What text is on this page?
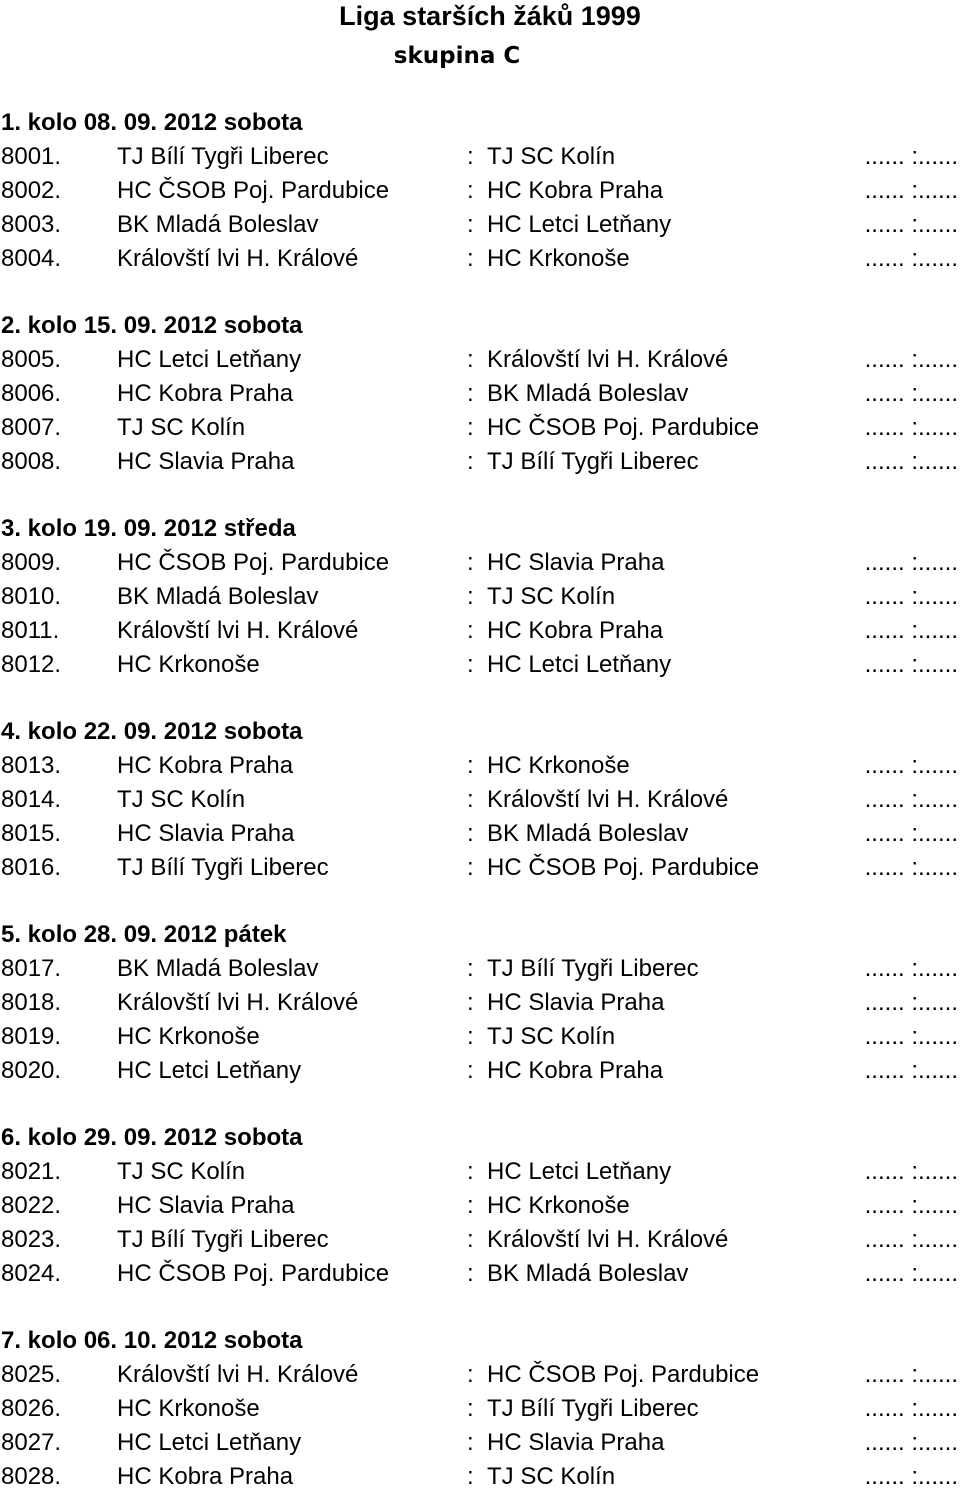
Liga starších žáků 1999
skupina C
1. kolo 08. 09. 2012 sobota
8001. TJ Bílí Tygři Liberec	: TJ SC Kolín	...... :......
8002. HC ČSOB Poj. Pardubice	: HC Kobra Praha	...... :......
8003. BK Mladá Boleslav	: HC Letci Letňany	...... :......
8004. Královští lvi H. Králové	: HC Krkonoše	...... :......
2. kolo 15. 09. 2012 sobota
8005. HC Letci Letňany	: Královští lvi H. Králové	...... :......
8006. HC Kobra Praha	: BK Mladá Boleslav	...... :......
8007. TJ SC Kolín	: HC ČSOB Poj. Pardubice	...... :......
8008. HC Slavia Praha	: TJ Bílí Tygři Liberec	...... :......
3. kolo 19. 09. 2012 středa
8009. HC ČSOB Poj. Pardubice	: HC Slavia Praha	...... :......
8010. BK Mladá Boleslav	: TJ SC Kolín	...... :......
8011. Královští lvi H. Králové	: HC Kobra Praha	...... :......
8012. HC Krkonoše	: HC Letci Letňany	...... :......
4. kolo 22. 09. 2012 sobota
8013. HC Kobra Praha	: HC Krkonoše	...... :......
8014. TJ SC Kolín	: Královští lvi H. Králové	...... :......
8015. HC Slavia Praha	: BK Mladá Boleslav	...... :......
8016. TJ Bílí Tygři Liberec	: HC ČSOB Poj. Pardubice	...... :......
5. kolo 28. 09. 2012 pátek
8017. BK Mladá Boleslav	: TJ Bílí Tygři Liberec	...... :......
8018. Královští lvi H. Králové	: HC Slavia Praha	...... :......
8019. HC Krkonoše	: TJ SC Kolín	...... :......
8020. HC Letci Letňany	: HC Kobra Praha	...... :......
6. kolo 29. 09. 2012 sobota
8021. TJ SC Kolín	: HC Letci Letňany	...... :......
8022. HC Slavia Praha	: HC Krkonoše	...... :......
8023. TJ Bílí Tygři Liberec	: Královští lvi H. Králové	...... :......
8024. HC ČSOB Poj. Pardubice	: BK Mladá Boleslav	...... :......
7. kolo 06. 10. 2012 sobota
8025. Královští lvi H. Králové	: HC ČSOB Poj. Pardubice	...... :......
8026. HC Krkonoše	: TJ Bílí Tygři Liberec	...... :......
8027. HC Letci Letňany	: HC Slavia Praha	...... :......
8028. HC Kobra Praha	: TJ SC Kolín	...... :......
